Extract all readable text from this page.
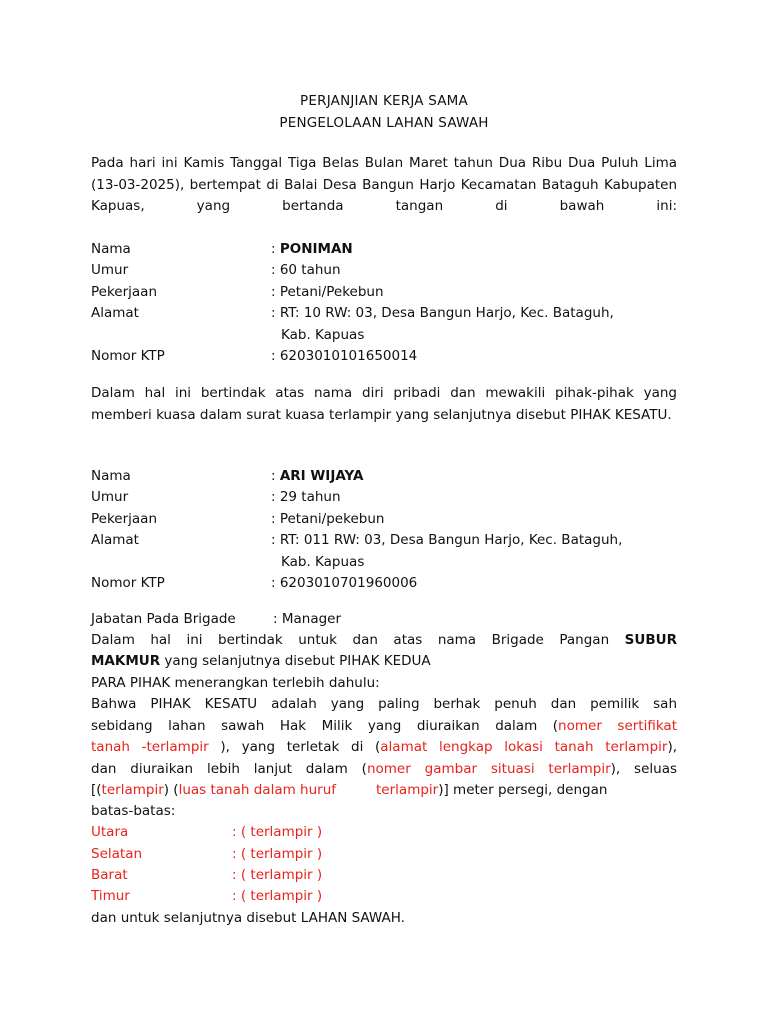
PERJANJIAN KERJA SAMA
PENGELOLAAN LAHAN SAWAH
Pada hari ini Kamis Tanggal Tiga Belas Bulan Maret tahun Dua Ribu Dua Puluh Lima (13-03-2025), bertempat di Balai Desa Bangun Harjo Kecamatan Bataguh Kabupaten Kapuas, yang bertanda tangan di bawah ini:
Nama	: PONIMAN
Umur	: 60 tahun
Pekerjaan	: Petani/Pekebun
Alamat	: RT: 10 RW: 03, Desa Bangun Harjo, Kec. Bataguh,
Kab. Kapuas
Nomor KTP	: 6203010101650014
Dalam hal ini bertindak atas nama diri pribadi dan mewakili pihak-pihak yang memberi kuasa dalam surat kuasa terlampir yang selanjutnya disebut PIHAK KESATU.
Nama	: ARI WIJAYA
Umur	: 29 tahun
Pekerjaan	: Petani/pekebun
Alamat	: RT: 011 RW: 03, Desa Bangun Harjo, Kec. Bataguh,
Kab. Kapuas
Nomor KTP	: 6203010701960006
Jabatan Pada Brigade	: Manager
Dalam hal ini bertindak untuk dan atas nama Brigade Pangan SUBUR
MAKMUR yang selanjutnya disebut PIHAK KEDUA
PARA PIHAK menerangkan terlebih dahulu:
Bahwa PIHAK KESATU adalah yang paling berhak penuh dan pemilik sah
sebidang lahan sawah Hak Milik yang diuraikan dalam (nomer sertifikat
tanah -terlampir ), yang terletak di (alamat lengkap lokasi tanah terlampir),
dan diuraikan lebih lanjut dalam (nomer gambar situasi terlampir), seluas
[(terlampir) (luas tanah dalam huruf	terlampir)] meter persegi, dengan
batas-batas:
Utara	: ( terlampir )
Selatan	: ( terlampir )
Barat	: ( terlampir )
Timur	: ( terlampir )
dan untuk selanjutnya disebut LAHAN SAWAH.
